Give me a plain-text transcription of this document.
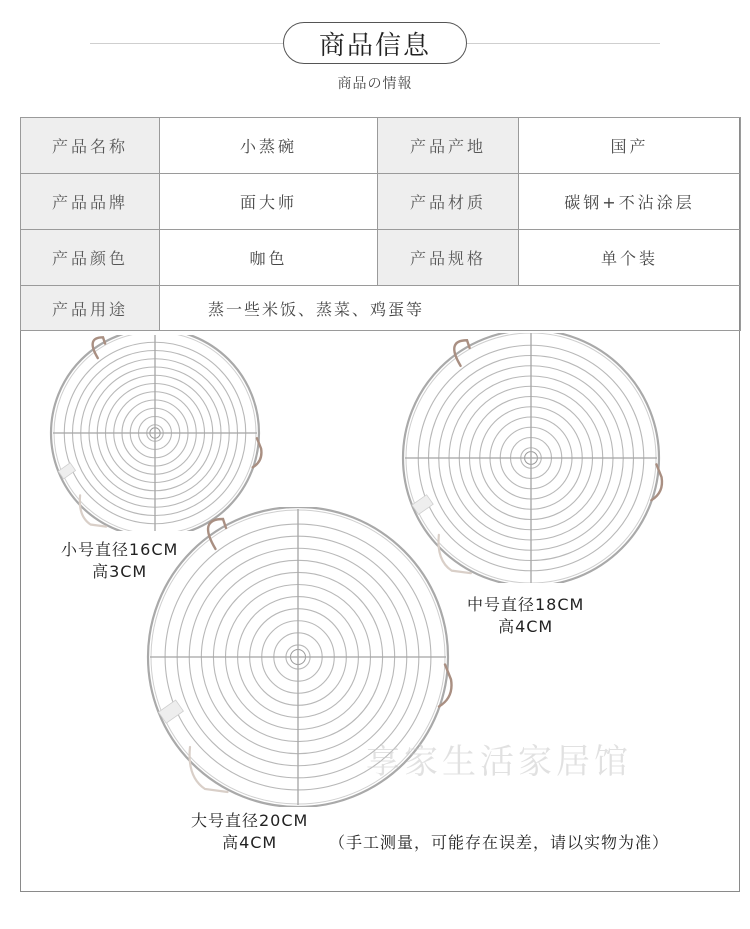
商品信息
商品の情報
产品名称	小蒸碗	产品产地	国产
产品品牌	面大师	产品材质	碳钢+不沾涂层
产品颜色	咖色	产品规格	单个装
产品用途	蒸一些米饭、蒸菜、鸡蛋等		
小号直径16CM
高3CM
中号直径18CM
高4CM
大号直径20CM
高4CM
享家生活家居馆
（手工测量，可能存在误差，请以实物为准）
